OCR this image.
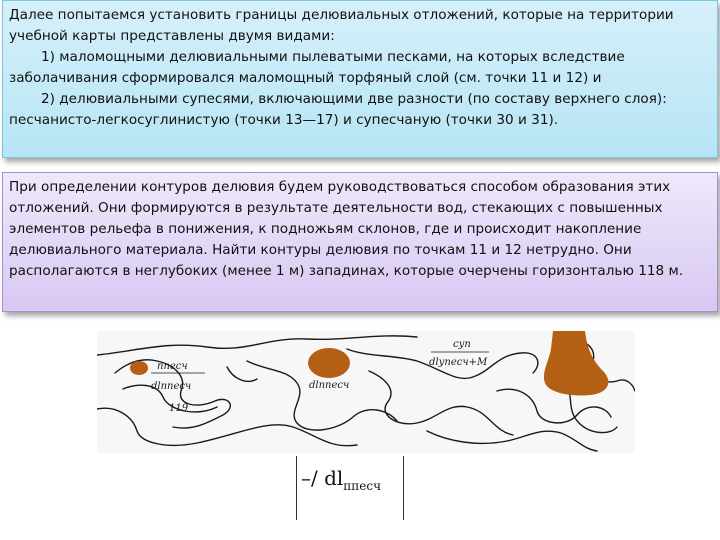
Далее попытаемся установить границы делювиальных отложений, которые на территории учебной карты представлены двумя видами:

1) маломощными делювиальными пылеватыми песками, на которых вследствие заболачивания сформировался маломощный торфяный слой (см. точки 11 и 12) и

2) делювиальными супесями, включающими две разности (по составу верхнего слоя): песчанисто-легкосуглинистую (точки 13—17) и супесчаную (точки 30 и 31).

При определении контуров делювия будем руководствоваться способом образования этих отложений. Они формируются в результате деятельности вод, стекающих с повышенных элементов рельефа в понижения, к подножьям склонов, где и происходит накопление делювиального материала. Найти контуры делювия по точкам 11 и 12 нетрудно. Они располагаются в неглубоких (менее 1 м) западинах, которые очерчены горизонталью 118 м.

ппесч
dlппесч
119
dlппесч
суп
dlупесч+M
–/ $dl_{ппесч}$
